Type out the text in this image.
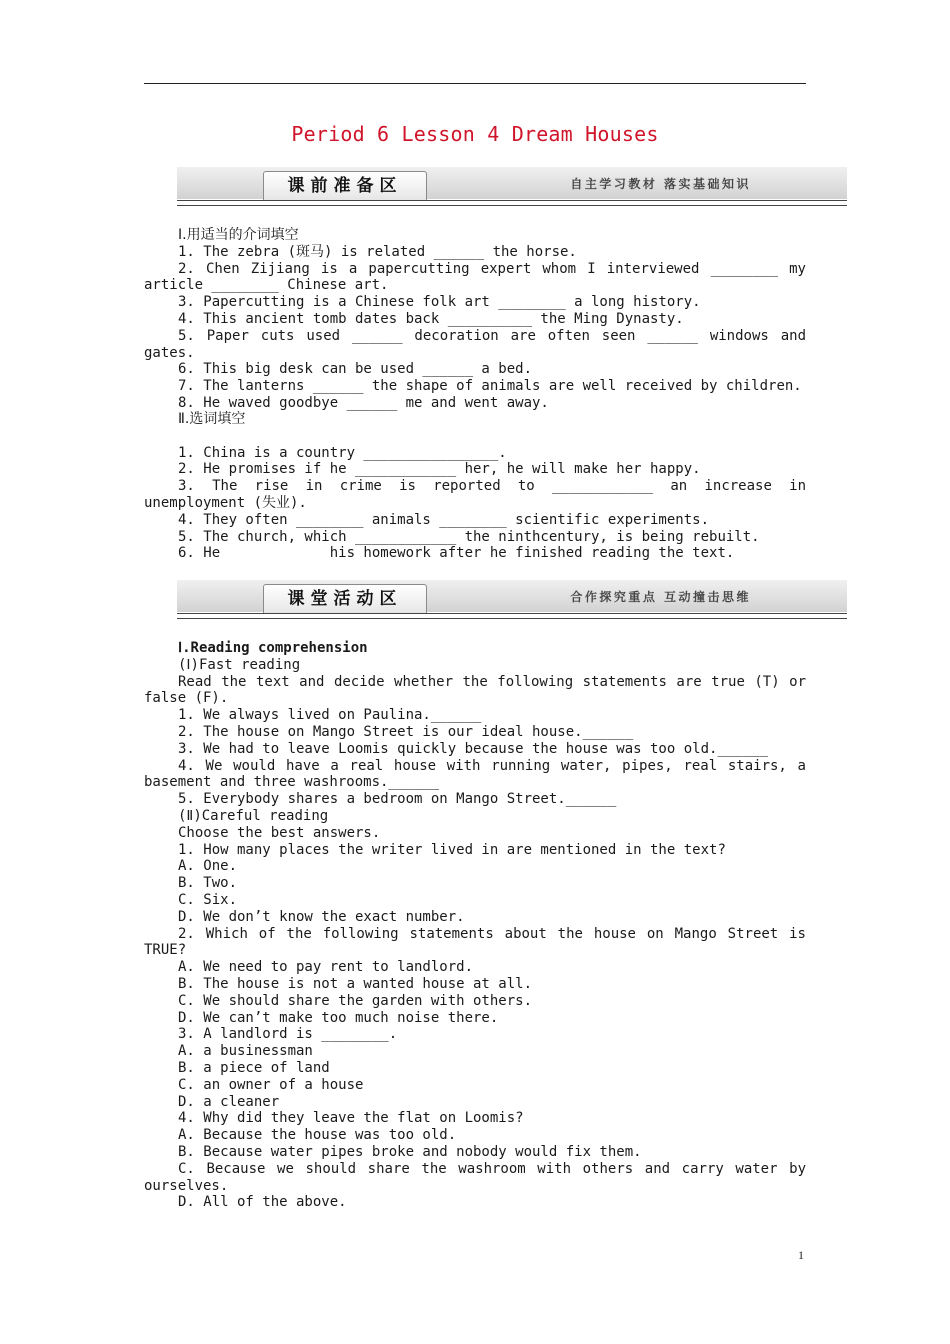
Period 6 Lesson 4 Dream Houses
课前准备区	自主学习教材 落实基础知识

Ⅰ.用适当的介词填空

1. The zebra (斑马) is related ______ the horse.

2. Chen Zijiang is a papercutting expert whom I interviewed ________ my article ________ Chinese art.

3. Papercutting is a Chinese folk art ________ a long history.

4. This ancient tomb dates back __________ the Ming Dynasty.

5. Paper cuts used ______ decoration are often seen ______ windows and gates.

6. This big desk can be used ______ a bed.

7. The lanterns ______ the shape of animals are well received by children.

8. He waved goodbye ______ me and went away.

Ⅱ.选词填空

1. China is a country ________________.

2. He promises if he ____________ her, he will make her happy.

3. The rise in crime is reported to ____________ an increase in unemployment (失业).

4. They often ________ animals ________ scientific experiments.

5. The church, which ____________ the ninthcentury, is being rebuilt.

6. He             his homework after he finished reading the text.

课堂活动区	合作探究重点 互动撞击思维

Ⅰ.Reading comprehension

(Ⅰ)Fast reading

Read the text and decide whether the following statements are true (T) or false (F).

1. We always lived on Paulina.______

2. The house on Mango Street is our ideal house.______

3. We had to leave Loomis quickly because the house was too old.______

4. We would have a real house with running water, pipes, real stairs, a basement and three washrooms.______

5. Everybody shares a bedroom on Mango Street.______

(Ⅱ)Careful reading

Choose the best answers.

1. How many places the writer lived in are mentioned in the text?

A. One.

B. Two.

C. Six.

D. We don’t know the exact number.

2. Which of the following statements about the house on Mango Street is TRUE?

A. We need to pay rent to landlord.

B. The house is not a wanted house at all.

C. We should share the garden with others.

D. We can’t make too much noise there.

3. A landlord is ________.

A. a businessman

B. a piece of land

C. an owner of a house

D. a cleaner

4. Why did they leave the flat on Loomis?

A. Because the house was too old.

B. Because water pipes broke and nobody would fix them.

C. Because we should share the washroom with others and carry water by ourselves.

D. All of the above.

1
